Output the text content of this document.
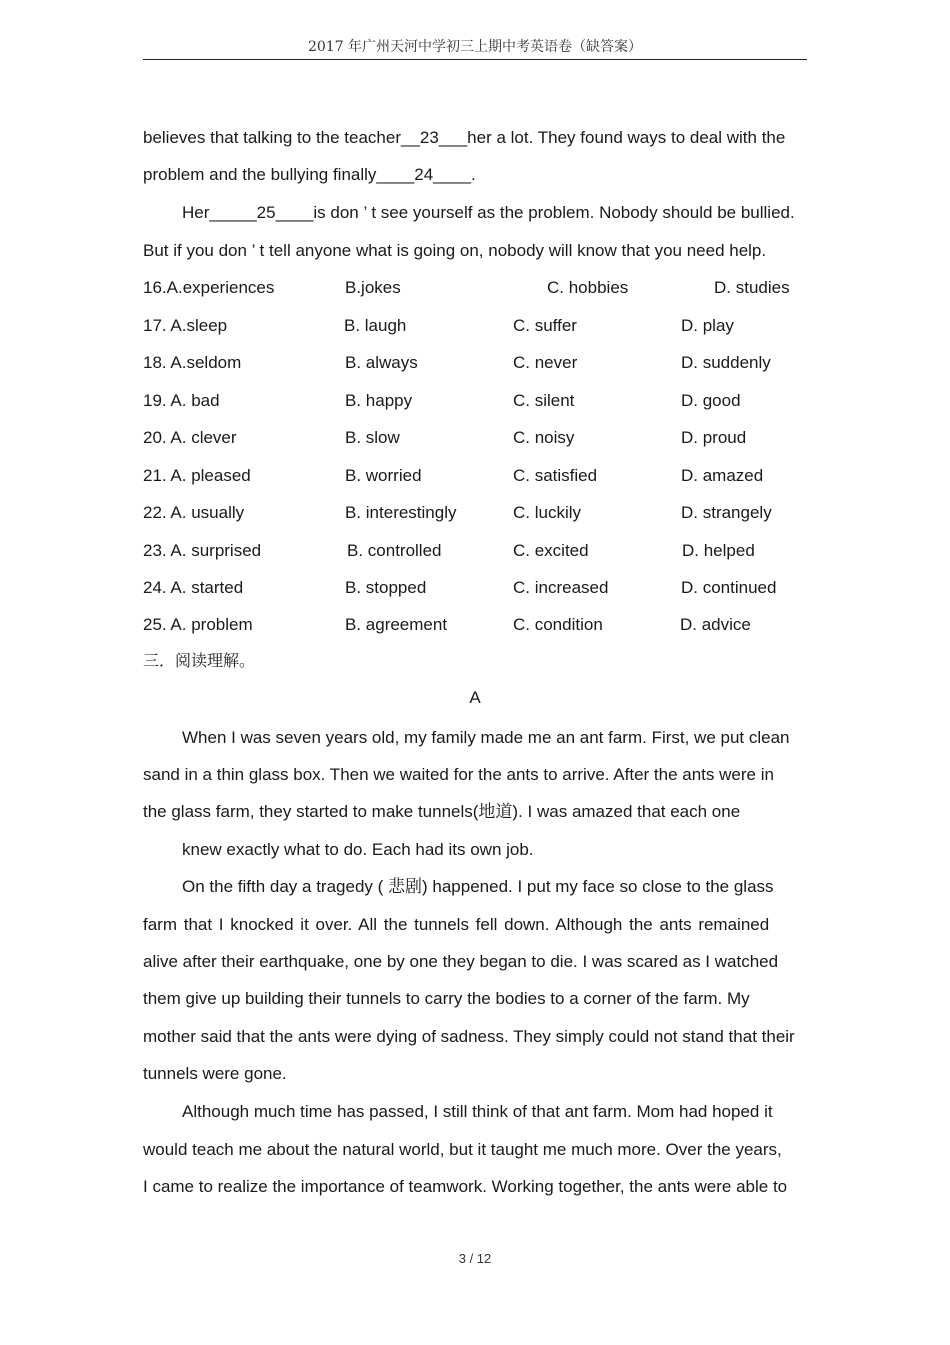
2017 年广州天河中学初三上期中考英语卷（缺答案）
believes that talking to the teacher__23___her a lot. They found ways to deal with the
problem and the bullying finally____24____.
Her_____25____is don ’ t see yourself as the problem. Nobody should be bullied.
But if you don ’ t tell anyone what is going on, nobody will know that you need help.
16.A.experiences	B.jokes	C. hobbies	D. studies
17. A.sleep	B. laugh	C. suffer	D. play
18. A.seldom	B. always	C. never	D. suddenly
19. A. bad	B. happy	C. silent	D. good
20. A. clever	B. slow	C. noisy	D. proud
21. A. pleased	B. worried	C. satisfied	D. amazed
22. A. usually	B. interestingly	C. luckily	D. strangely
23. A. surprised	B. controlled	C. excited	D. helped
24. A. started	B. stopped	C. increased	D. continued
25. A. problem	B. agreement	C. condition	D. advice
三．阅读理解。
A
When I was seven years old, my family made me an ant farm. First, we put clean
sand in a thin glass box. Then we waited for the ants to arrive. After the ants were in
the glass farm, they started to make tunnels(地道). I was amazed that each one
knew exactly what to do. Each had its own job.
On the fifth day a tragedy ( 悲剧) happened. I put my face so close to the glass
farm that I knocked it over. All the tunnels fell down. Although the ants remained
alive after their earthquake, one by one they began to die. I was scared as I watched
them give up building their tunnels to carry the bodies to a corner of the farm. My
mother said that the ants were dying of sadness. They simply could not stand that their
tunnels were gone.
Although much time has passed, I still think of that ant farm. Mom had hoped it
would teach me about the natural world, but it taught me much more. Over the years,
I came to realize the importance of teamwork. Working together, the ants were able to
3 / 12
